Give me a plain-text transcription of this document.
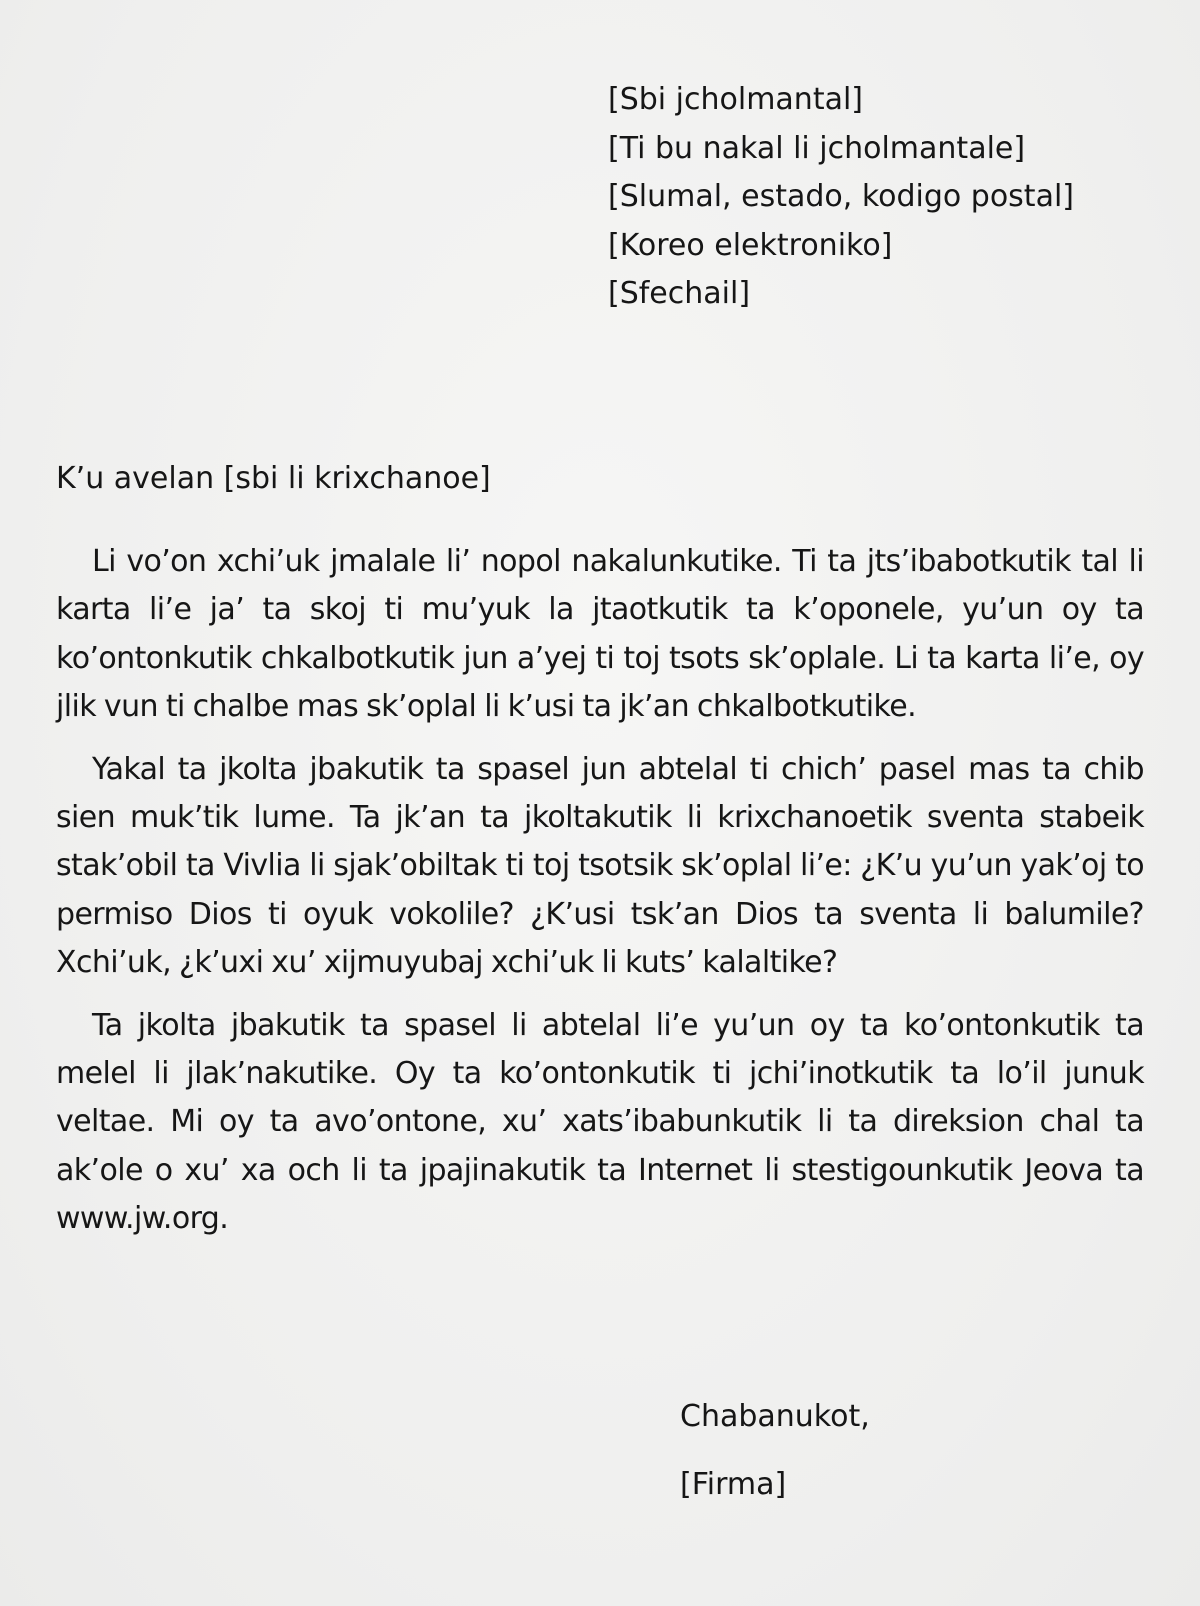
[Sbi jcholmantal]
[Ti bu nakal li jcholmantale]
[Slumal, estado, kodigo postal]
[Koreo elektroniko]
[Sfechail]
K’u avelan [sbi li krixchanoe]

Li vo’on xchi’uk jmalale li’ nopol nakalunkutike. Ti ta jts’ibabotkutik tal li karta li’e ja’ ta skoj ti mu’yuk la jtaotkutik ta k’oponele, yu’un oy ta ko’ontonkutik chkalbotkutik jun a’yej ti toj tsots sk’oplale. Li ta karta li’e, oy jlik vun ti chalbe mas sk’oplal li k’usi ta jk’an chkalbotkutike.

Yakal ta jkolta jbakutik ta spasel jun abtelal ti chich’ pasel mas ta chib sien muk’tik lume. Ta jk’an ta jkoltakutik li krixchanoetik sventa stabeik stak’obil ta Vivlia li sjak’obiltak ti toj tsotsik sk’oplal li’e: ¿K’u yu’un yak’oj to permiso Dios ti oyuk vokolile? ¿K’usi tsk’an Dios ta sventa li balumile? Xchi’uk, ¿k’uxi xu’ xijmuyubaj xchi’uk li kuts’ kalaltike?

Ta jkolta jbakutik ta spasel li abtelal li’e yu’un oy ta ko’ontonkutik ta melel li jlak’nakutike. Oy ta ko’ontonkutik ti jchi’inotkutik ta lo’il junuk veltae. Mi oy ta avo’ontone, xu’ xats’ibabunkutik li ta direksion chal ta ak’ole o xu’ xa och li ta jpajinakutik ta Internet li stestigounkutik Jeova ta www.jw.org.

Chabanukot,
[Firma]
